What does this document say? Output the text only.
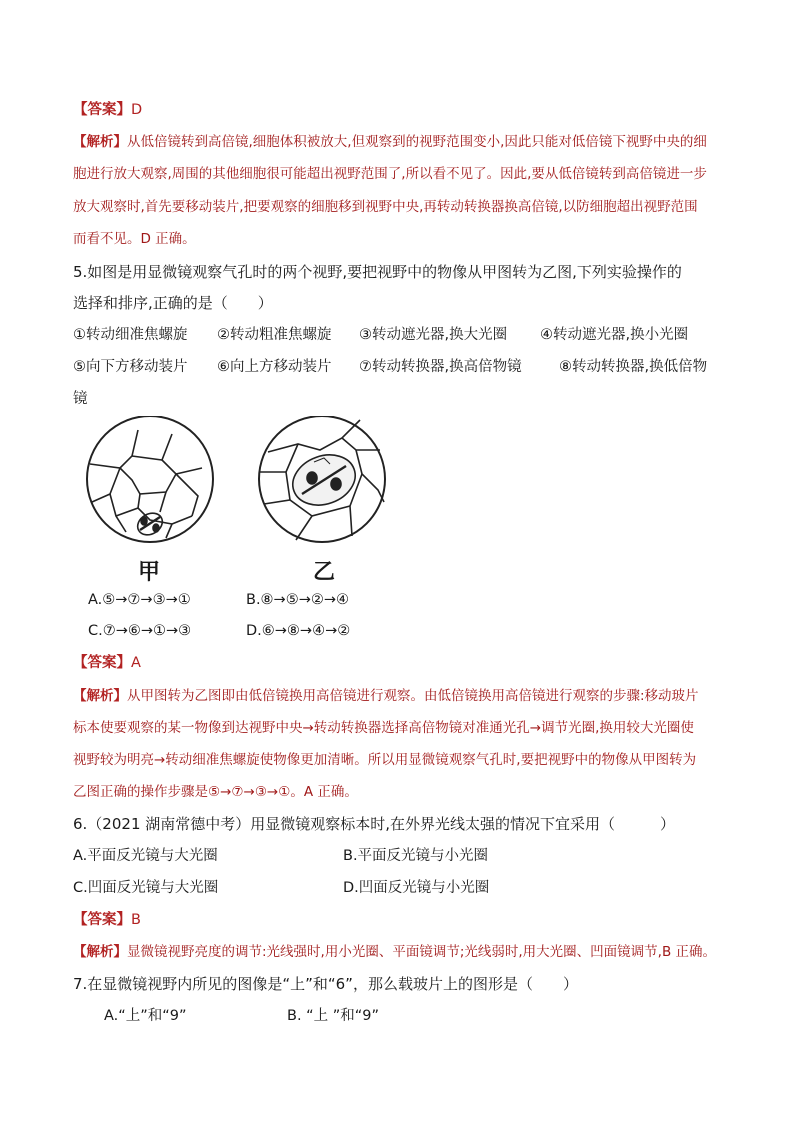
【答案】D
【解析】从低倍镜转到高倍镜,细胞体积被放大,但观察到的视野范围变小,因此只能对低倍镜下视野中央的细
胞进行放大观察,周围的其他细胞很可能超出视野范围了,所以看不见了。因此,要从低倍镜转到高倍镜进一步
放大观察时,首先要移动装片,把要观察的细胞移到视野中央,再转动转换器换高倍镜,以防细胞超出视野范围
而看不见。D 正确。
5.如图是用显微镜观察气孔时的两个视野,要把视野中的物像从甲图转为乙图,下列实验操作的
选择和排序,正确的是（　　）
①转动细准焦螺旋 ②转动粗准焦螺旋 ③转动遮光器,换大光圈 ④转动遮光器,换小光圈
⑤向下方移动装片 ⑥向上方移动装片 ⑦转动转换器,换高倍物镜	⑧转动转换器,换低倍物
镜
甲	乙
A.⑤→⑦→③→①	B.⑧→⑤→②→④
C.⑦→⑥→①→③	D.⑥→⑧→④→②
【答案】A
【解析】从甲图转为乙图即由低倍镜换用高倍镜进行观察。由低倍镜换用高倍镜进行观察的步骤:移动玻片
标本使要观察的某一物像到达视野中央→转动转换器选择高倍物镜对准通光孔→调节光圈,换用较大光圈使
视野较为明亮→转动细准焦螺旋使物像更加清晰。所以用显微镜观察气孔时,要把视野中的物像从甲图转为
乙图正确的操作步骤是⑤→⑦→③→①。A 正确。
6.（2021 湖南常德中考）用显微镜观察标本时,在外界光线太强的情况下宜采用（　　　）
A.平面反光镜与大光圈	B.平面反光镜与小光圈
C.凹面反光镜与大光圈	D.凹面反光镜与小光圈
【答案】B
【解析】显微镜视野亮度的调节:光线强时,用小光圈、平面镜调节;光线弱时,用大光圈、凹面镜调节,B 正确。
7.在显微镜视野内所见的图像是“上”和“6”，那么载玻片上的图形是（　　）
A.“上”和“9”	B. “上 ”和“9”
